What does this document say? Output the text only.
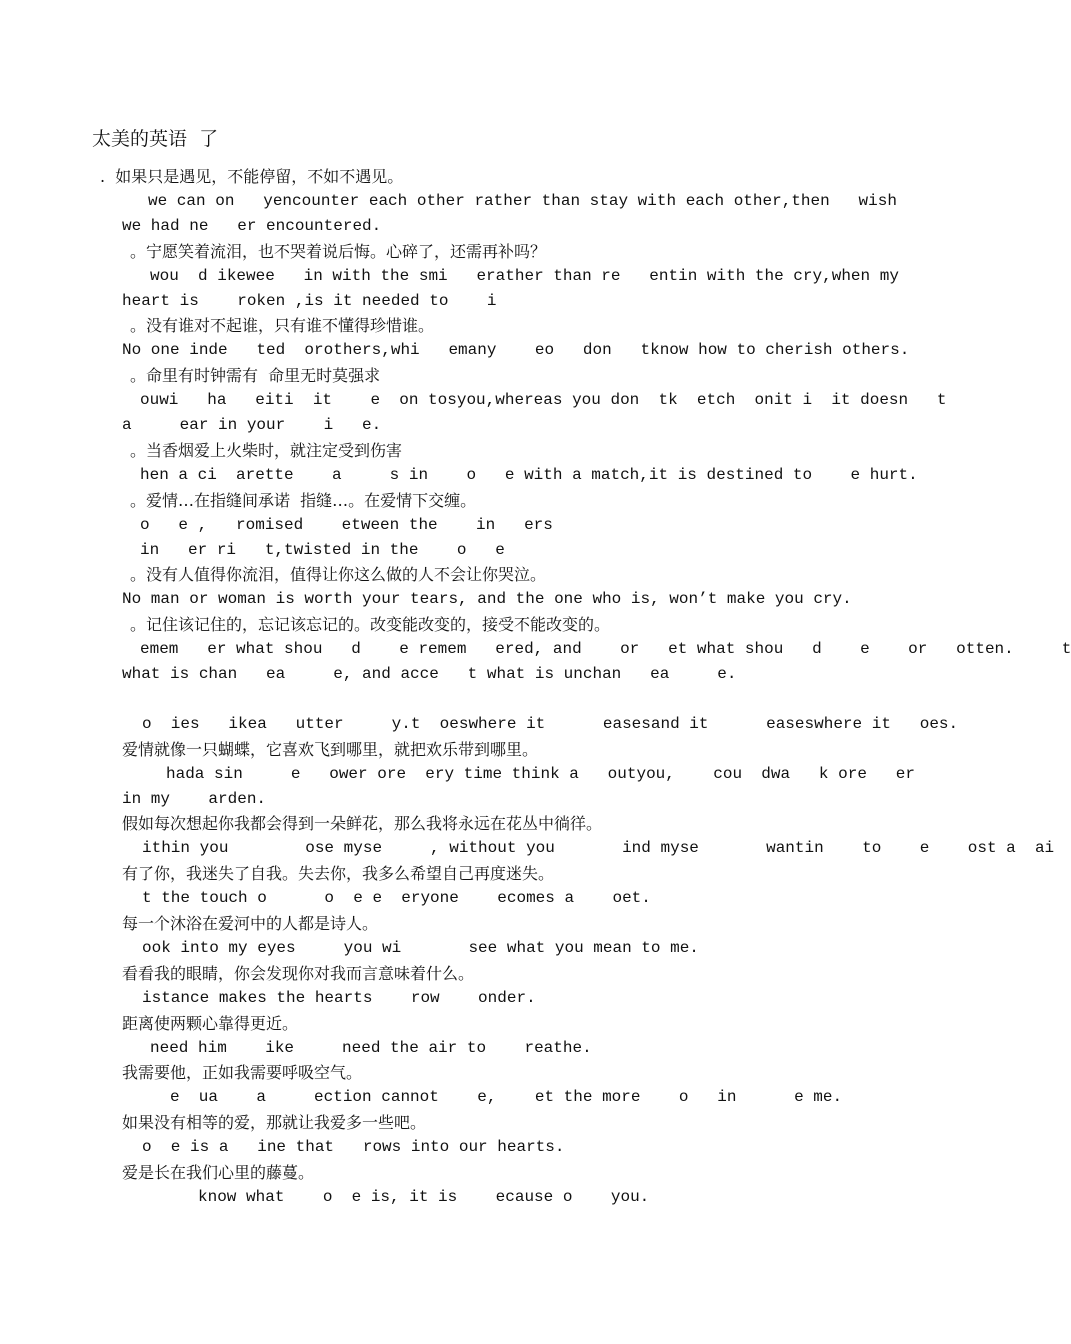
太美的英语  了
.  如果只是遇见，不能停留，不如不遇见。
we can on   yencounter each other rather than stay with each other,then   wish
we had ne   er encountered.
。宁愿笑着流泪，也不哭着说后悔。心碎了，还需再补吗？
wou  d ikewee   in with the smi   erather than re   entin with the cry,when my
heart is    roken ,is it needed to    i
。没有谁对不起谁，只有谁不懂得珍惜谁。
No one inde   ted  orothers,whi   emany    eo   don   tknow how to cherish others.
。命里有时钟需有  命里无时莫强求
ouwi   ha   eiti  it    e  on tosyou,whereas you don  tk  etch  onit i  it doesn   t
a     ear in your    i   e.
。当香烟爱上火柴时，就注定受到伤害
hen a ci  arette    a     s in    o   e with a match,it is destined to    e hurt.
。爱情…在指缝间承诺  指缝…。在爱情下交缠。
o   e ,   romised    etween the    in   ers
in   er ri   t,twisted in the    o   e
。没有人值得你流泪，值得让你这么做的人不会让你哭泣。
No man or woman is worth your tears, and the one who is, won’t make you cry.
。记住该记住的，忘记该忘记的。改变能改变的，接受不能改变的。
emem   er what shou   d    e remem   ered, and    or   et what shou   d    e    or   otten.     t
what is chan   ea     e, and acce   t what is unchan   ea     e.
o  ies   ikea   utter     y.t  oeswhere it      easesand it      easeswhere it   oes.
爱情就像一只蝴蝶，它喜欢飞到哪里，就把欢乐带到哪里。
hada sin     e   ower ore  ery time think a   outyou,    cou  dwa   k ore   er
in my    arden.
假如每次想起你我都会得到一朵鲜花，那么我将永远在花丛中徜徉。
ithin you        ose myse     , without you       ind myse       wantin    to    e    ost a  ai
有了你，我迷失了自我。失去你，我多么希望自己再度迷失。
t the touch o      o  e e  eryone    ecomes a    oet.
每一个沐浴在爱河中的人都是诗人。
ook into my eyes     you wi       see what you mean to me.
看看我的眼睛，你会发现你对我而言意味着什么。
istance makes the hearts    row    onder.
距离使两颗心靠得更近。
need him    ike     need the air to    reathe.
我需要他，正如我需要呼吸空气。
e  ua    a     ection cannot    e,    et the more    o   in      e me.
如果没有相等的爱，那就让我爱多一些吧。
o  e is a   ine that   rows into our hearts.
爱是长在我们心里的藤蔓。
know what    o  e is, it is    ecause o    you.
